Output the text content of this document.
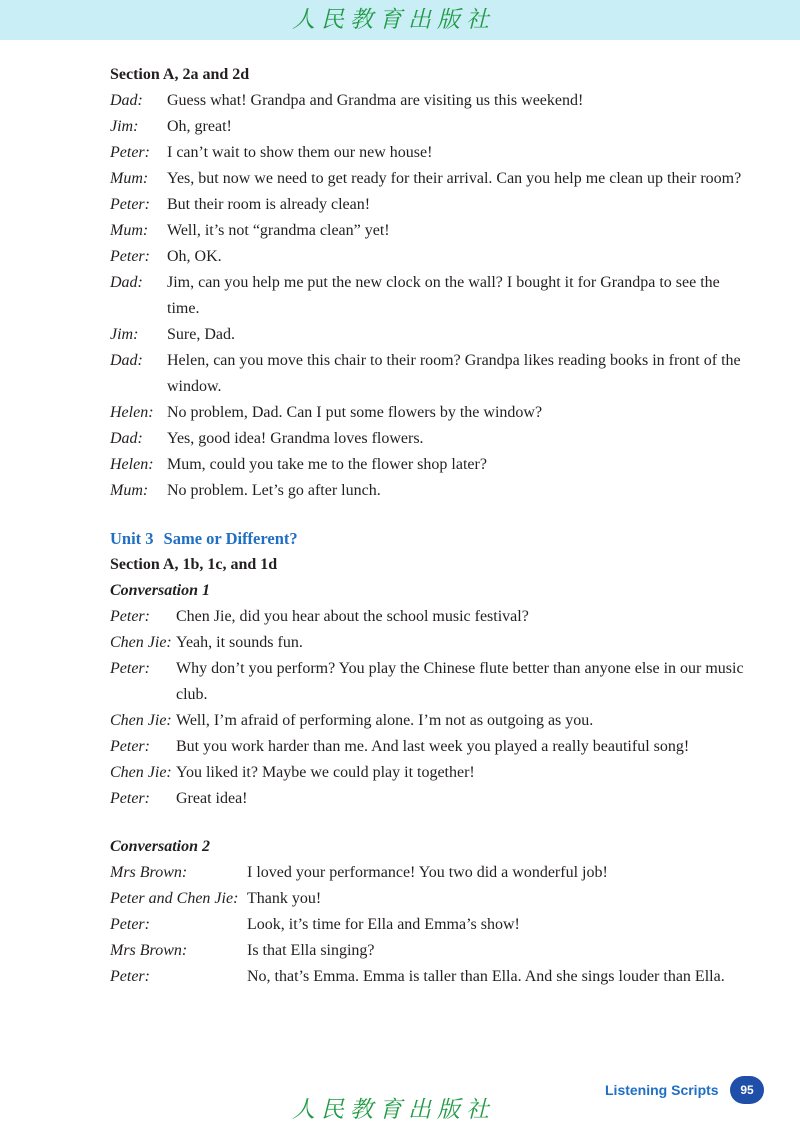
人民教育出版社
Section A, 2a and 2d
Dad:	Guess what! Grandpa and Grandma are visiting us this weekend!
Jim:	Oh, great!
Peter:	I can’t wait to show them our new house!
Mum:	Yes, but now we need to get ready for their arrival. Can you help me clean up their room?
Peter:	But their room is already clean!
Mum:	Well, it’s not “grandma clean” yet!
Peter:	Oh, OK.
Dad:	Jim, can you help me put the new clock on the wall? I bought it for Grandpa to see the time.
Jim:	Sure, Dad.
Dad:	Helen, can you move this chair to their room? Grandpa likes reading books in front of the window.
Helen: No problem, Dad. Can I put some flowers by the window?
Dad:	Yes, good idea! Grandma loves flowers.
Helen: Mum, could you take me to the flower shop later?
Mum:	No problem. Let’s go after lunch.
Unit 3 Same or Different?
Section A, 1b, 1c, and 1d
Conversation 1
Peter:	Chen Jie, did you hear about the school music festival?
Chen Jie: Yeah, it sounds fun.
Peter:	Why don’t you perform? You play the Chinese flute better than anyone else in our music club.
Chen Jie: Well, I’m afraid of performing alone. I’m not as outgoing as you.
Peter:	But you work harder than me. And last week you played a really beautiful song!
Chen Jie: You liked it? Maybe we could play it together!
Peter:	Great idea!
Conversation 2
Mrs Brown:	I loved your performance! You two did a wonderful job!
Peter and Chen Jie: Thank you!
Peter:	Look, it’s time for Ella and Emma’s show!
Mrs Brown:	Is that Ella singing?
Peter:	No, that’s Emma. Emma is taller than Ella. And she sings louder than Ella.
Listening Scripts	95
人民教育出版社
